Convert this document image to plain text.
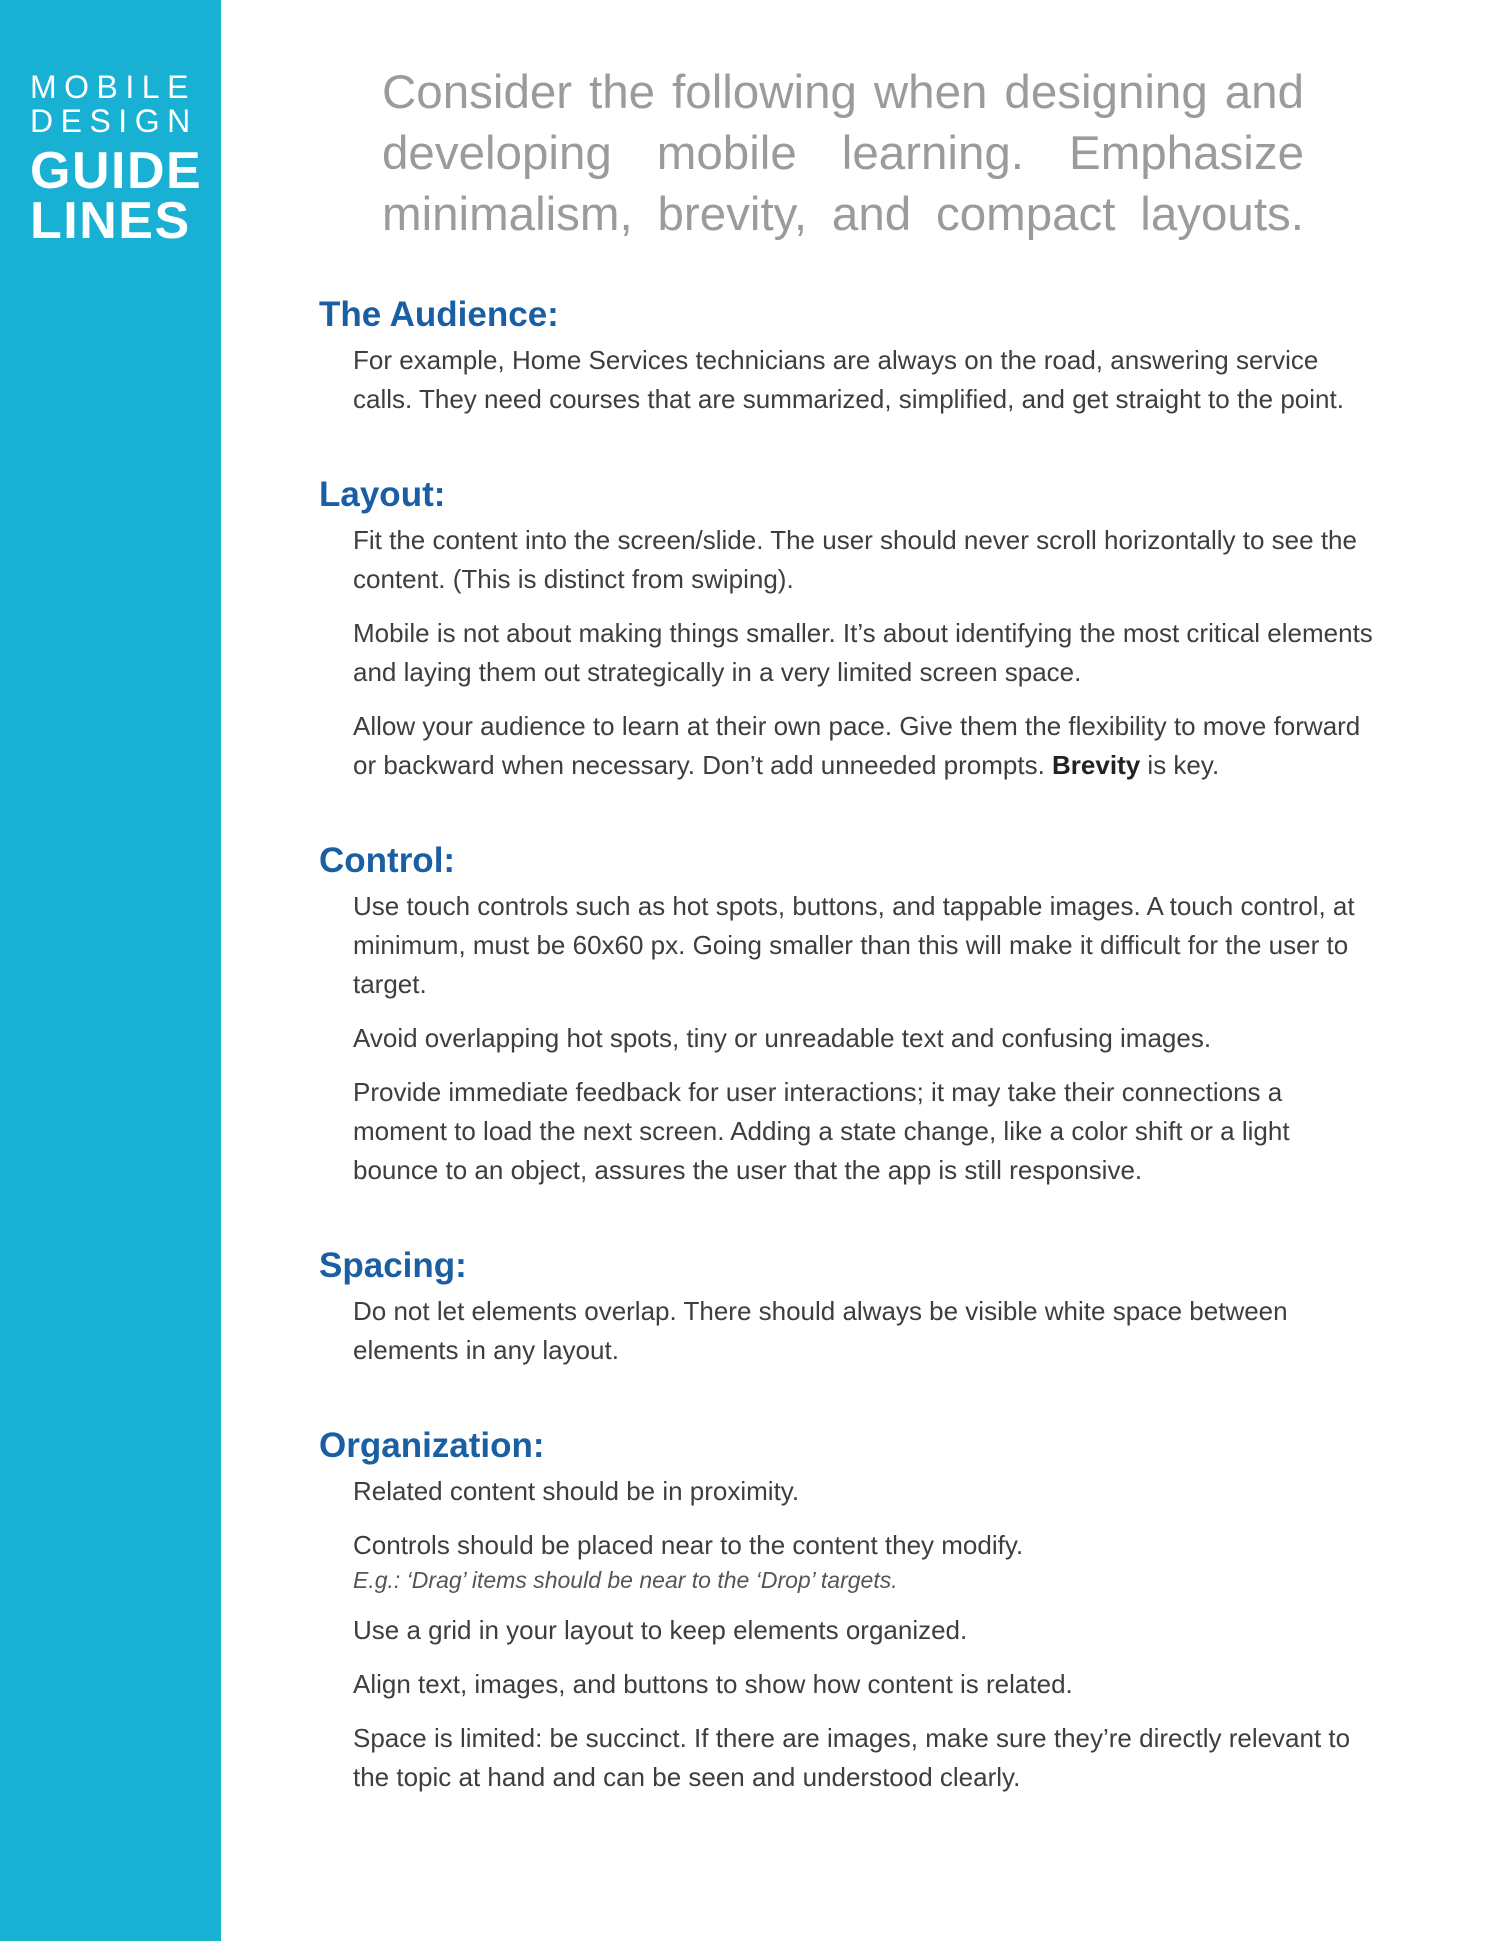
MOBILE
DESIGN
GUIDE
LINES

Consider the following when designing and developing mobile learning. Emphasize minimalism, brevity, and compact layouts.

The Audience:

For example, Home Services technicians are always on the road, answering service calls. They need courses that are summarized, simplified, and get straight to the point.

Layout:

Fit the content into the screen/slide. The user should never scroll horizontally to see the content. (This is distinct from swiping).

Mobile is not about making things smaller. It’s about identifying the most critical elements and laying them out strategically in a very limited screen space.

Allow your audience to learn at their own pace. Give them the flexibility to move forward or backward when necessary. Don’t add unneeded prompts. Brevity is key.

Control:

Use touch controls such as hot spots, buttons, and tappable images. A touch control, at minimum, must be 60x60 px. Going smaller than this will make it difficult for the user to target.

Avoid overlapping hot spots, tiny or unreadable text and confusing images.

Provide immediate feedback for user interactions; it may take their connections a moment to load the next screen. Adding a state change, like a color shift or a light bounce to an object, assures the user that the app is still responsive.

Spacing:

Do not let elements overlap. There should always be visible white space between elements in any layout.

Organization:

Related content should be in proximity.

Controls should be placed near to the content they modify.

E.g.: ‘Drag’ items should be near to the ‘Drop’ targets.

Use a grid in your layout to keep elements organized.

Align text, images, and buttons to show how content is related.

Space is limited: be succinct. If there are images, make sure they’re directly relevant to the topic at hand and can be seen and understood clearly.
